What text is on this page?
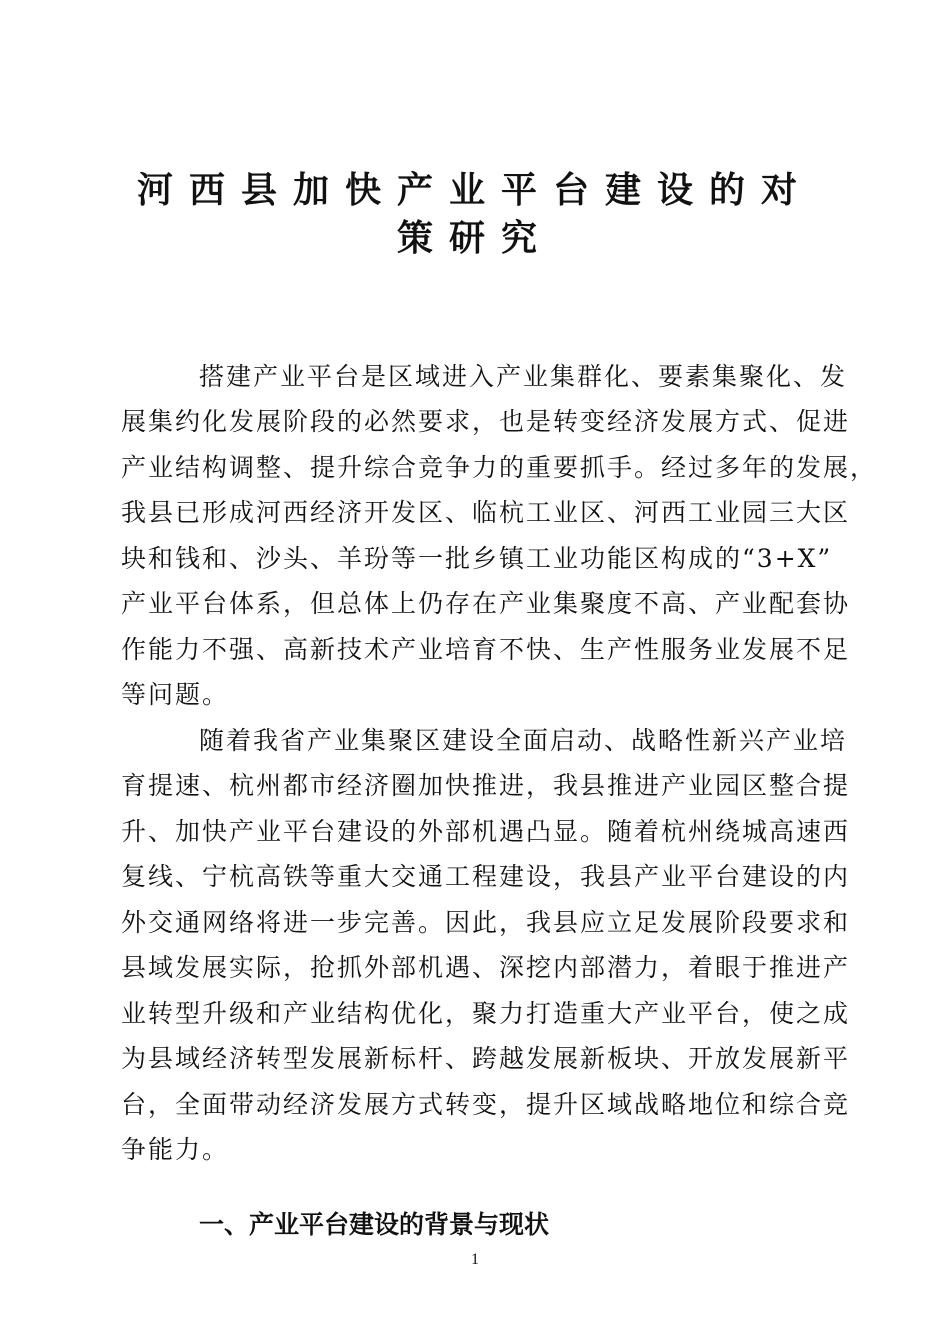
河西县加快产业平台建设的对
策研究

搭建产业平台是区域进入产业集群化、要素集聚化、发

展集约化发展阶段的必然要求，也是转变经济发展方式、促进

产业结构调整、提升综合竞争力的重要抓手。经过多年的发展，

我县已形成河西经济开发区、临杭工业区、河西工业园三大区

块和钱和、沙头、羊玢等一批乡镇工业功能区构成的“3+X”

产业平台体系，但总体上仍存在产业集聚度不高、产业配套协

作能力不强、高新技术产业培育不快、生产性服务业发展不足

等问题。

随着我省产业集聚区建设全面启动、战略性新兴产业培

育提速、杭州都市经济圈加快推进，我县推进产业园区整合提

升、加快产业平台建设的外部机遇凸显。随着杭州绕城高速西

复线、宁杭高铁等重大交通工程建设，我县产业平台建设的内

外交通网络将进一步完善。因此，我县应立足发展阶段要求和

县域发展实际，抢抓外部机遇、深挖内部潜力，着眼于推进产

业转型升级和产业结构优化，聚力打造重大产业平台，使之成

为县域经济转型发展新标杆、跨越发展新板块、开放发展新平

台，全面带动经济发展方式转变，提升区域战略地位和综合竞

争能力。

一、产业平台建设的背景与现状
1
